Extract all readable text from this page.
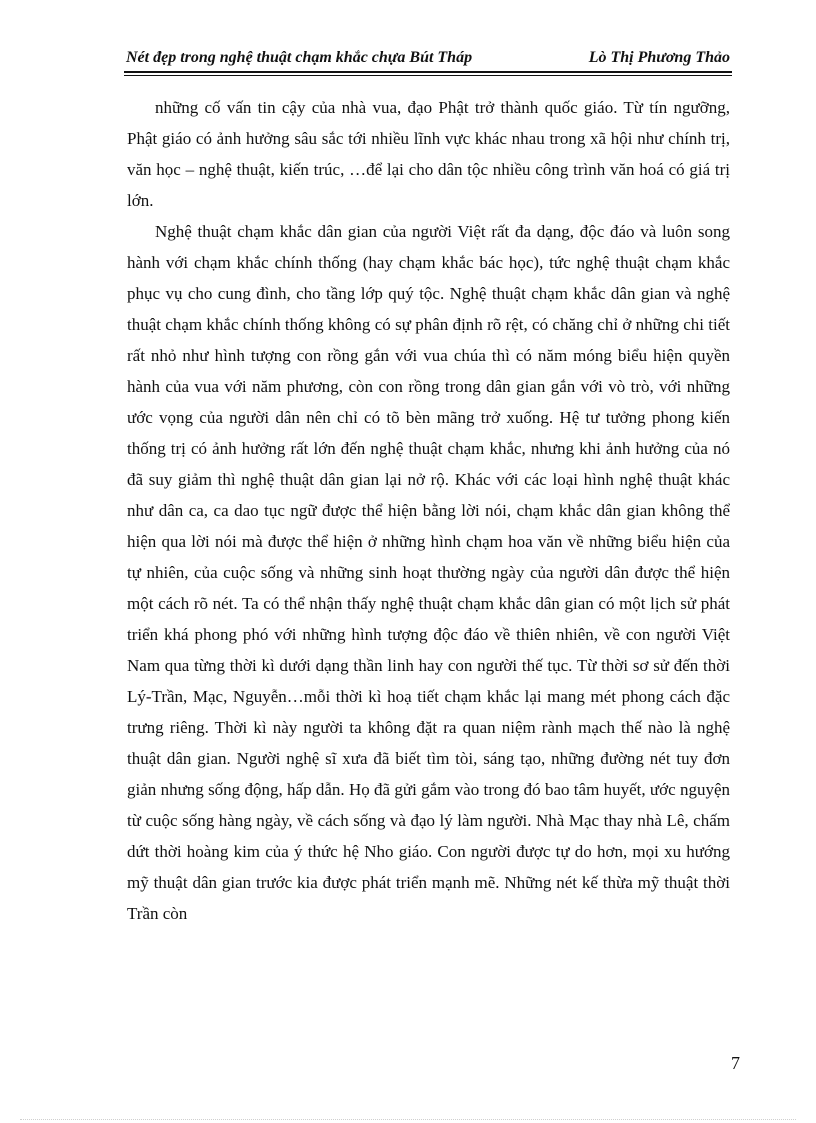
Nét đẹp trong nghệ thuật chạm khắc chựa Bút Tháp	Lò Thị Phương Thảo

những cố vấn tin cậy của nhà vua, đạo Phật trở thành quốc giáo. Từ tín ngưỡng, Phật giáo có ảnh hưởng sâu sắc tới nhiều lĩnh vực khác nhau trong xã hội như chính trị, văn học – nghệ thuật, kiến trúc, …để lại cho dân tộc nhiều công trình văn hoá có giá trị lớn.

Nghệ thuật chạm khắc dân gian của người Việt rất đa dạng, độc đáo và luôn song hành với chạm khắc chính thống (hay chạm khắc bác học), tức nghệ thuật chạm khắc phục vụ cho cung đình, cho tầng lớp quý tộc. Nghệ thuật chạm khắc dân gian và nghệ thuật chạm khắc chính thống không có sự phân định rõ rệt, có chăng chỉ ở những chi tiết rất nhỏ như hình tượng con rồng gắn với vua chúa thì có năm móng biểu hiện quyền hành của vua với năm phương, còn con rồng trong dân gian gắn với vò trò, với những ước vọng của người dân nên chỉ có tõ bèn mãng trở xuống. Hệ tư tưởng phong kiến thống trị có ảnh hưởng rất lớn đến nghệ thuật chạm khắc, nhưng khi ảnh hưởng của nó đã suy giảm thì nghệ thuật dân gian lại nở rộ. Khác với các loại hình nghệ thuật khác như dân ca, ca dao tục ngữ được thể hiện bằng lời nói, chạm khắc dân gian không thể hiện qua lời nói mà được thể hiện ở những hình chạm hoa văn về những biểu hiện của tự nhiên, của cuộc sống và những sinh hoạt thường ngày của người dân được thể hiện một cách rõ nét. Ta có thể nhận thấy nghệ thuật chạm khắc dân gian có một lịch sử phát triển khá phong phó với những hình tượng độc đáo về thiên nhiên, về con người Việt Nam qua từng thời kì dưới dạng thần linh hay con người thế tục. Từ thời sơ sử đến thời Lý-Trần, Mạc, Nguyễn…mỗi thời kì hoạ tiết chạm khắc lại mang mét phong cách đặc trưng riêng. Thời kì này người ta không đặt ra quan niệm rành mạch thế nào là nghệ thuật dân gian. Người nghệ sĩ xưa đã biết tìm tòi, sáng tạo, những đường nét tuy đơn giản nhưng sống động, hấp dẫn. Họ đã gửi gắm vào trong đó bao tâm huyết, ước nguyện từ cuộc sống hàng ngày, về cách sống và đạo lý làm người. Nhà Mạc thay nhà Lê, chấm dứt thời hoàng kim của ý thức hệ Nho giáo. Con người được tự do hơn, mọi xu hướng mỹ thuật dân gian trước kia được phát triển mạnh mẽ. Những nét kế thừa mỹ thuật thời Trần còn

7
